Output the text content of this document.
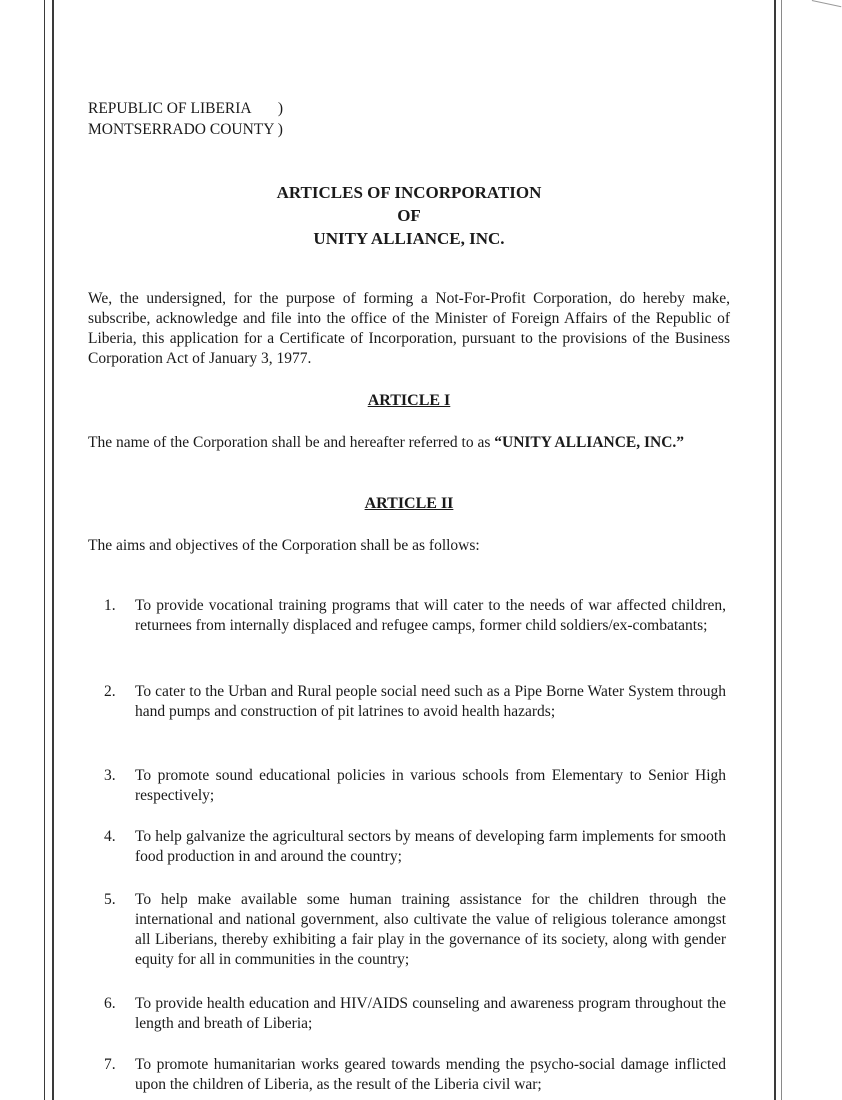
REPUBLIC OF LIBERIA       )
MONTSERRADO COUNTY )
ARTICLES OF INCORPORATION
OF
UNITY ALLIANCE, INC.
We, the undersigned, for the purpose of forming a Not-For-Profit Corporation, do hereby make, subscribe, acknowledge and file into the office of the Minister of Foreign Affairs of the Republic of Liberia, this application for a Certificate of Incorporation, pursuant to the provisions of the Business Corporation Act of January 3, 1977.
ARTICLE I
The name of the Corporation shall be and hereafter referred to as “UNITY ALLIANCE, INC.”
ARTICLE II
The aims and objectives of the Corporation shall be as follows:
1.	To provide vocational training programs that will cater to the needs of war affected children, returnees from internally displaced and refugee camps, former child soldiers/ex-combatants;
2.	To cater to the Urban and Rural people social need such as a Pipe Borne Water System through hand pumps and construction of pit latrines to avoid health hazards;
3.	To promote sound educational policies in various schools from Elementary to Senior High respectively;
4.	To help galvanize the agricultural sectors by means of developing farm implements for smooth food production in and around the country;
5.	To help make available some human training assistance for the children through the international and national government, also cultivate the value of religious tolerance amongst all Liberians, thereby exhibiting a fair play in the governance of its society, along with gender equity for all in communities in the country;
6.	To provide health education and HIV/AIDS counseling and awareness program throughout the length and breath of Liberia;
7.	To promote humanitarian works geared towards mending the psycho-social damage inflicted upon the children of Liberia, as the result of the Liberia civil war;
